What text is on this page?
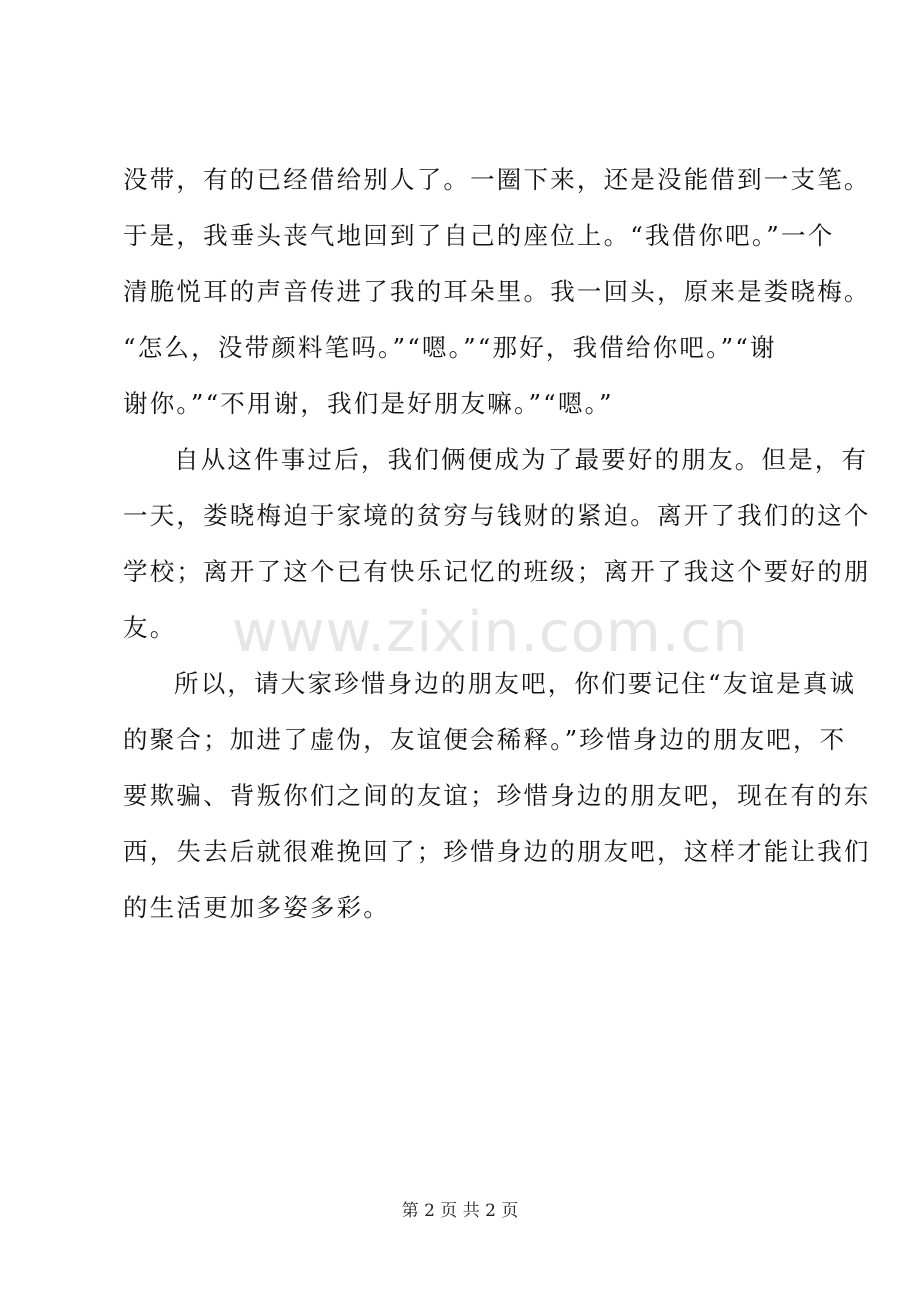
www.zixin.com.cn
没带，有的已经借给别人了。一圈下来，还是没能借到一支笔。
于是，我垂头丧气地回到了自己的座位上。“我借你吧。”一个
清脆悦耳的声音传进了我的耳朵里。我一回头，原来是娄晓梅。
“怎么，没带颜料笔吗。”“嗯。”“那好，我借给你吧。”“谢
谢你。”“不用谢，我们是好朋友嘛。”“嗯。”
自从这件事过后，我们俩便成为了最要好的朋友。但是，有
一天，娄晓梅迫于家境的贫穷与钱财的紧迫。离开了我们的这个
学校；离开了这个已有快乐记忆的班级；离开了我这个要好的朋
友。
所以，请大家珍惜身边的朋友吧，你们要记住“友谊是真诚
的聚合；加进了虚伪，友谊便会稀释。”珍惜身边的朋友吧，不
要欺骗、背叛你们之间的友谊；珍惜身边的朋友吧，现在有的东
西，失去后就很难挽回了；珍惜身边的朋友吧，这样才能让我们
的生活更加多姿多彩。
第 2 页 共 2 页
